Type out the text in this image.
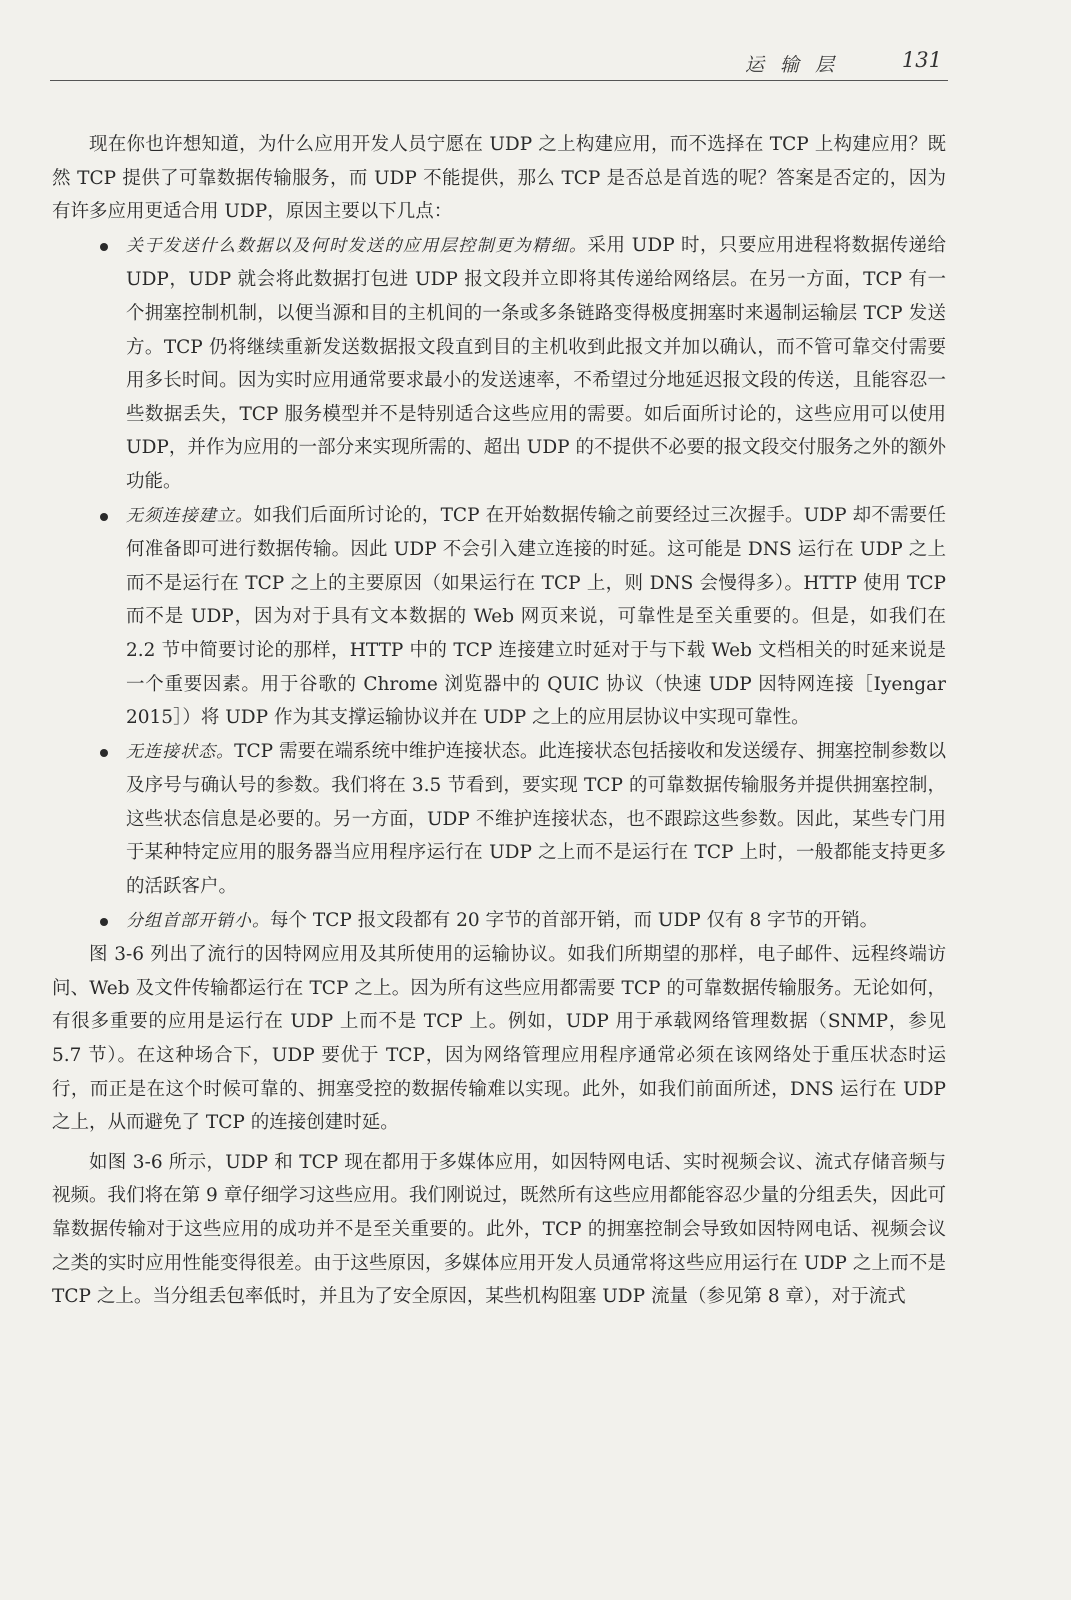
运输层 131

现在你也许想知道，为什么应用开发人员宁愿在 UDP 之上构建应用，而不选择在 TCP 上构建应用？既然 TCP 提供了可靠数据传输服务，而 UDP 不能提供，那么 TCP 是否总是首选的呢？答案是否定的，因为有许多应用更适合用 UDP，原因主要以下几点：

关于发送什么数据以及何时发送的应用层控制更为精细。采用 UDP 时，只要应用进程将数据传递给 UDP，UDP 就会将此数据打包进 UDP 报文段并立即将其传递给网络层。在另一方面，TCP 有一个拥塞控制机制，以便当源和目的主机间的一条或多条链路变得极度拥塞时来遏制运输层 TCP 发送方。TCP 仍将继续重新发送数据报文段直到目的主机收到此报文并加以确认，而不管可靠交付需要用多长时间。因为实时应用通常要求最小的发送速率，不希望过分地延迟报文段的传送，且能容忍一些数据丢失，TCP 服务模型并不是特别适合这些应用的需要。如后面所讨论的，这些应用可以使用 UDP，并作为应用的一部分来实现所需的、超出 UDP 的不提供不必要的报文段交付服务之外的额外功能。
无须连接建立。如我们后面所讨论的，TCP 在开始数据传输之前要经过三次握手。UDP 却不需要任何准备即可进行数据传输。因此 UDP 不会引入建立连接的时延。这可能是 DNS 运行在 UDP 之上而不是运行在 TCP 之上的主要原因（如果运行在 TCP 上，则 DNS 会慢得多）。HTTP 使用 TCP 而不是 UDP，因为对于具有文本数据的 Web 网页来说，可靠性是至关重要的。但是，如我们在 2.2 节中简要讨论的那样，HTTP 中的 TCP 连接建立时延对于与下载 Web 文档相关的时延来说是一个重要因素。用于谷歌的 Chrome 浏览器中的 QUIC 协议（快速 UDP 因特网连接［Iyengar 2015］）将 UDP 作为其支撑运输协议并在 UDP 之上的应用层协议中实现可靠性。
无连接状态。TCP 需要在端系统中维护连接状态。此连接状态包括接收和发送缓存、拥塞控制参数以及序号与确认号的参数。我们将在 3.5 节看到，要实现 TCP 的可靠数据传输服务并提供拥塞控制，这些状态信息是必要的。另一方面，UDP 不维护连接状态，也不跟踪这些参数。因此，某些专门用于某种特定应用的服务器当应用程序运行在 UDP 之上而不是运行在 TCP 上时，一般都能支持更多的活跃客户。
分组首部开销小。每个 TCP 报文段都有 20 字节的首部开销，而 UDP 仅有 8 字节的开销。

图 3-6 列出了流行的因特网应用及其所使用的运输协议。如我们所期望的那样，电子邮件、远程终端访问、Web 及文件传输都运行在 TCP 之上。因为所有这些应用都需要 TCP 的可靠数据传输服务。无论如何，有很多重要的应用是运行在 UDP 上而不是 TCP 上。例如，UDP 用于承载网络管理数据（SNMP，参见 5.7 节）。在这种场合下，UDP 要优于 TCP，因为网络管理应用程序通常必须在该网络处于重压状态时运行，而正是在这个时候可靠的、拥塞受控的数据传输难以实现。此外，如我们前面所述，DNS 运行在 UDP 之上，从而避免了 TCP 的连接创建时延。

如图 3-6 所示，UDP 和 TCP 现在都用于多媒体应用，如因特网电话、实时视频会议、流式存储音频与视频。我们将在第 9 章仔细学习这些应用。我们刚说过，既然所有这些应用都能容忍少量的分组丢失，因此可靠数据传输对于这些应用的成功并不是至关重要的。此外，TCP 的拥塞控制会导致如因特网电话、视频会议之类的实时应用性能变得很差。由于这些原因，多媒体应用开发人员通常将这些应用运行在 UDP 之上而不是 TCP 之上。当分组丢包率低时，并且为了安全原因，某些机构阻塞 UDP 流量（参见第 8 章），对于流式
